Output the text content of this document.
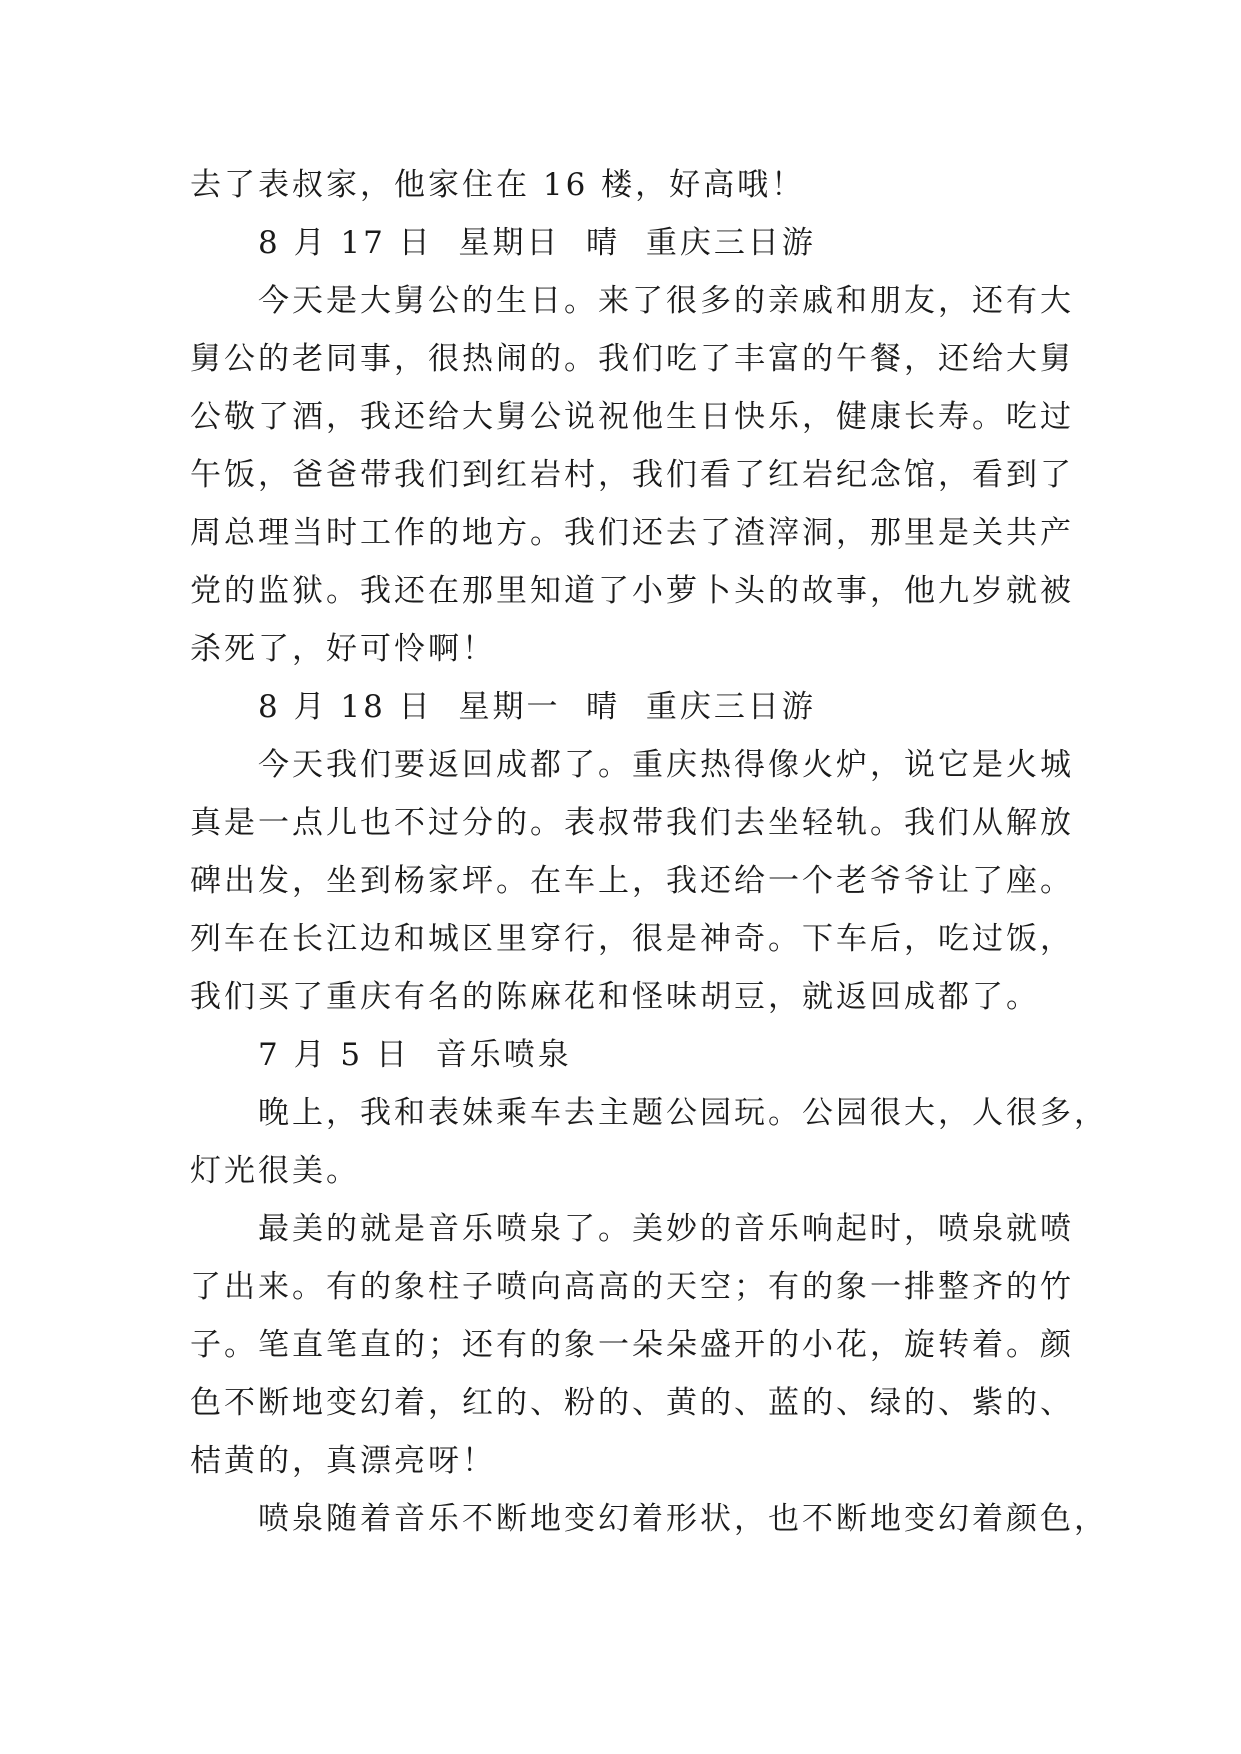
去了表叔家，他家住在 16 楼，好高哦！
8 月 17 日  星期日  晴  重庆三日游
今天是大舅公的生日。来了很多的亲戚和朋友，还有大
舅公的老同事，很热闹的。我们吃了丰富的午餐，还给大舅
公敬了酒，我还给大舅公说祝他生日快乐，健康长寿。吃过
午饭，爸爸带我们到红岩村，我们看了红岩纪念馆，看到了
周总理当时工作的地方。我们还去了渣滓洞，那里是关共产
党的监狱。我还在那里知道了小萝卜头的故事，他九岁就被
杀死了，好可怜啊！
8 月 18 日  星期一  晴  重庆三日游
今天我们要返回成都了。重庆热得像火炉，说它是火城
真是一点儿也不过分的。表叔带我们去坐轻轨。我们从解放
碑出发，坐到杨家坪。在车上，我还给一个老爷爷让了座。
列车在长江边和城区里穿行，很是神奇。下车后，吃过饭，
我们买了重庆有名的陈麻花和怪味胡豆，就返回成都了。
7 月 5 日  音乐喷泉
晚上，我和表妹乘车去主题公园玩。公园很大，人很多，
灯光很美。
最美的就是音乐喷泉了。美妙的音乐响起时，喷泉就喷
了出来。有的象柱子喷向高高的天空；有的象一排整齐的竹
子。笔直笔直的；还有的象一朵朵盛开的小花，旋转着。颜
色不断地变幻着，红的、粉的、黄的、蓝的、绿的、紫的、
桔黄的，真漂亮呀！
喷泉随着音乐不断地变幻着形状，也不断地变幻着颜色，
